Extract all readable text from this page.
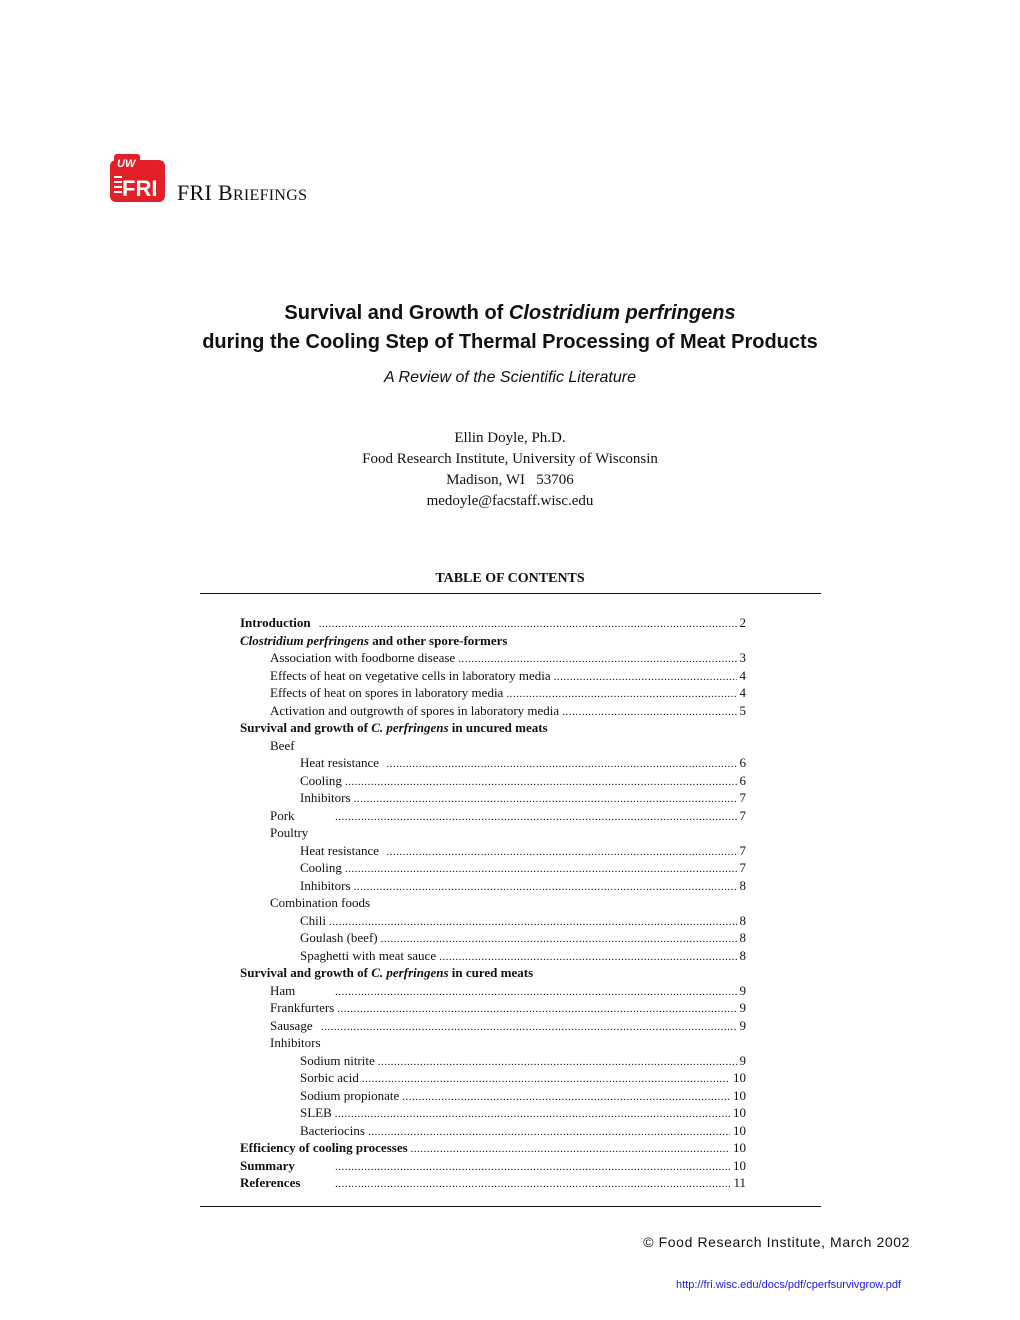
UW
FRI FRI BRIEFINGS
Survival and Growth of Clostridium perfringens
during the Cooling Step of Thermal Processing of Meat Products
A Review of the Scientific Literature
Ellin Doyle, Ph.D.
Food Research Institute, University of Wisconsin
Madison, WI   53706
medoyle@facstaff.wisc.edu
TABLE OF CONTENTS
Introduction .....	2
Clostridium perfringens and other spore-formers
Association with foodborne disease .....	3
Effects of heat on vegetative cells in laboratory media .....	4
Effects of heat on spores in laboratory media .....	4
Activation and outgrowth of spores in laboratory media .....	5
Survival and growth of C. perfringens in uncured meats
Beef
Heat resistance .....	6
Cooling .....	6
Inhibitors .....	7
Pork .....	7
Poultry
Heat resistance .....	7
Cooling .....	7
Inhibitors .....	8
Combination foods
Chili .....	8
Goulash (beef) .....	8
Spaghetti with meat sauce .....	8
Survival and growth of C. perfringens in cured meats
Ham .....	9
Frankfurters .....	9
Sausage .....	9
Inhibitors
Sodium nitrite .....	9
Sorbic acid .....	10
Sodium propionate .....	10
SLEB .....	10
Bacteriocins .....	10
Efficiency of cooling processes .....	10
Summary .....	10
References .....	11
© Food Research Institute, March 2002
http://fri.wisc.edu/docs/pdf/cperfsurvivgrow.pdf
